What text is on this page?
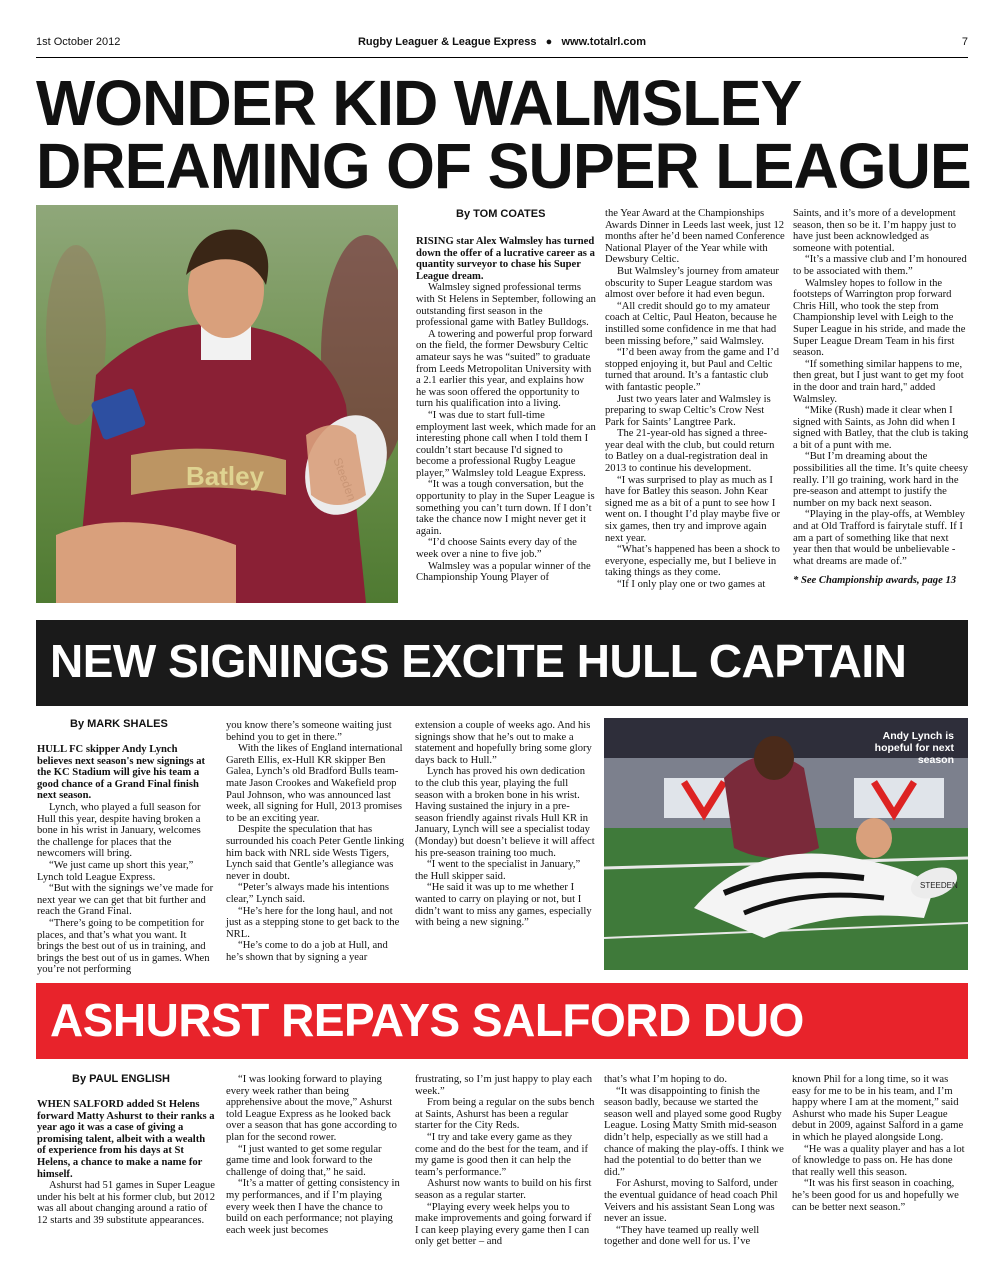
1st October 2012	Rugby Leaguer & League Express   ●   www.totalrl.com	7
WONDER KID WALMSLEY
DREAMING OF SUPER LEAGUE
Batley
By TOM COATES

RISING star Alex Walmsley has turned down the offer of a lucrative career as a quantity surveyor to chase his Super League dream.

Walmsley signed professional terms with St Helens in September, following an outstanding first season in the professional game with Batley Bulldogs.

A towering and powerful prop forward on the field, the former Dewsbury Celtic amateur says he was “suited” to graduate from Leeds Metropolitan University with a 2.1 earlier this year, and explains how he was soon offered the opportunity to turn his qualification into a living.

“I was due to start full-time employment last week, which made for an interesting phone call when I told them I couldn’t start because I'd signed to become a professional Rugby League player,” Walmsley told League Express.

“It was a tough conversation, but the opportunity to play in the Super League is something you can’t turn down. If I don’t take the chance now I might never get it again.

“I’d choose Saints every day of the week over a nine to five job.”

Walmsley was a popular winner of the Championship Young Player of

the Year Award at the Championships Awards Dinner in Leeds last week, just 12 months after he’d been named Conference National Player of the Year while with Dewsbury Celtic.

But Walmsley’s journey from amateur obscurity to Super League stardom was almost over before it had even begun.

“All credit should go to my amateur coach at Celtic, Paul Heaton, because he instilled some confidence in me that had been missing before,” said Walmsley.

“I’d been away from the game and I’d stopped enjoying it, but Paul and Celtic turned that around. It’s a fantastic club with fantastic people.”

Just two years later and Walmsley is preparing to swap Celtic’s Crow Nest Park for Saints’ Langtree Park.

The 21-year-old has signed a three-year deal with the club, but could return to Batley on a dual-registration deal in 2013 to continue his development.

“I was surprised to play as much as I have for Batley this season. John Kear signed me as a bit of a punt to see how I went on. I thought I’d play maybe five or six games, then try and improve again next year.

“What’s happened has been a shock to everyone, especially me, but I believe in taking things as they come.

“If I only play one or two games at

Saints, and it’s more of a development season, then so be it. I’m happy just to have just been acknowledged as someone with potential.

“It’s a massive club and I’m honoured to be associated with them.”

Walmsley hopes to follow in the footsteps of Warrington prop forward Chris Hill, who took the step from Championship level with Leigh to the Super League in his stride, and made the Super League Dream Team in his first season.

“If something similar happens to me, then great, but I just want to get my foot in the door and train hard," added Walmsley.

“Mike (Rush) made it clear when I signed with Saints, as John did when I signed with Batley, that the club is taking a bit of a punt with me.

“But I’m dreaming about the possibilities all the time. It’s quite cheesy really. I’ll go training, work hard in the pre-season and attempt to justify the number on my back next season.

“Playing in the play-offs, at Wembley and at Old Trafford is fairytale stuff. If I am a part of something like that next year then that would be unbelievable - what dreams are made of.”

* See Championship awards, page 13

NEW SIGNINGS EXCITE HULL CAPTAIN
By MARK SHALES

HULL FC skipper Andy Lynch believes next season's new signings at the KC Stadium will give his team a good chance of a Grand Final finish next season.

Lynch, who played a full season for Hull this year, despite having broken a bone in his wrist in January, welcomes the challenge for places that the newcomers will bring.

“We just came up short this year,” Lynch told League Express.

“But with the signings we’ve made for next year we can get that bit further and reach the Grand Final.

“There’s going to be competition for places, and that’s what you want. It brings the best out of us in training, and brings the best out of us in games. When you’re not performing

you know there’s someone waiting just behind you to get in there.”

With the likes of England international Gareth Ellis, ex-Hull KR skipper Ben Galea, Lynch’s old Bradford Bulls team-mate Jason Crookes and Wakefield prop Paul Johnson, who was announced last week, all signing for Hull, 2013 promises to be an exciting year.

Despite the speculation that has surrounded his coach Peter Gentle linking him back with NRL side Wests Tigers, Lynch said that Gentle’s allegiance was never in doubt.

“Peter’s always made his intentions clear,” Lynch said.

“He’s here for the long haul, and not just as a stepping stone to get back to the NRL.

“He’s come to do a job at Hull, and he’s shown that by signing a year

extension a couple of weeks ago. And his signings show that he’s out to make a statement and hopefully bring some glory days back to Hull.”

Lynch has proved his own dedication to the club this year, playing the full season with a broken bone in his wrist. Having sustained the injury in a pre-season friendly against rivals Hull KR in January, Lynch will see a specialist today (Monday) but doesn’t believe it will affect his pre-season training too much.

“I went to the specialist in January,” the Hull skipper said.

“He said it was up to me whether I wanted to carry on playing or not, but I didn’t want to miss any games, especially with being a new signing.”

STEEDEN
Andy Lynch is hopeful for next season
ASHURST REPAYS SALFORD DUO
By PAUL ENGLISH

WHEN SALFORD added St Helens forward Matty Ashurst to their ranks a year ago it was a case of giving a promising talent, albeit with a wealth of experience from his days at St Helens, a chance to make a name for himself.

Ashurst had 51 games in Super League under his belt at his former club, but 2012 was all about changing around a ratio of 12 starts and 39 substitute appearances.

“I was looking forward to playing every week rather than being apprehensive about the move,” Ashurst told League Express as he looked back over a season that has gone according to plan for the second rower.

“I just wanted to get some regular game time and look forward to the challenge of doing that,” he said.

“It’s a matter of getting consistency in my performances, and if I’m playing every week then I have the chance to build on each performance; not playing each week just becomes

frustrating, so I’m just happy to play each week.”

From being a regular on the subs bench at Saints, Ashurst has been a regular starter for the City Reds.

“I try and take every game as they come and do the best for the team, and if my game is good then it can help the team’s performance.”

Ashurst now wants to build on his first season as a regular starter.

“Playing every week helps you to make improvements and going forward if I can keep playing every game then I can only get better – and

that’s what I’m hoping to do.

“It was disappointing to finish the season badly, because we started the season well and played some good Rugby League. Losing Matty Smith mid-season didn’t help, especially as we still had a chance of making the play-offs. I think we had the potential to do better than we did.”

For Ashurst, moving to Salford, under the eventual guidance of head coach Phil Veivers and his assistant Sean Long was never an issue.

“They have teamed up really well together and done well for us. I’ve

known Phil for a long time, so it was easy for me to be in his team, and I’m happy where I am at the moment,” said Ashurst who made his Super League debut in 2009, against Salford in a game in which he played alongside Long.

“He was a quality player and has a lot of knowledge to pass on. He has done that really well this season.

“It was his first season in coaching, he’s been good for us and hopefully we can be better next season.”
